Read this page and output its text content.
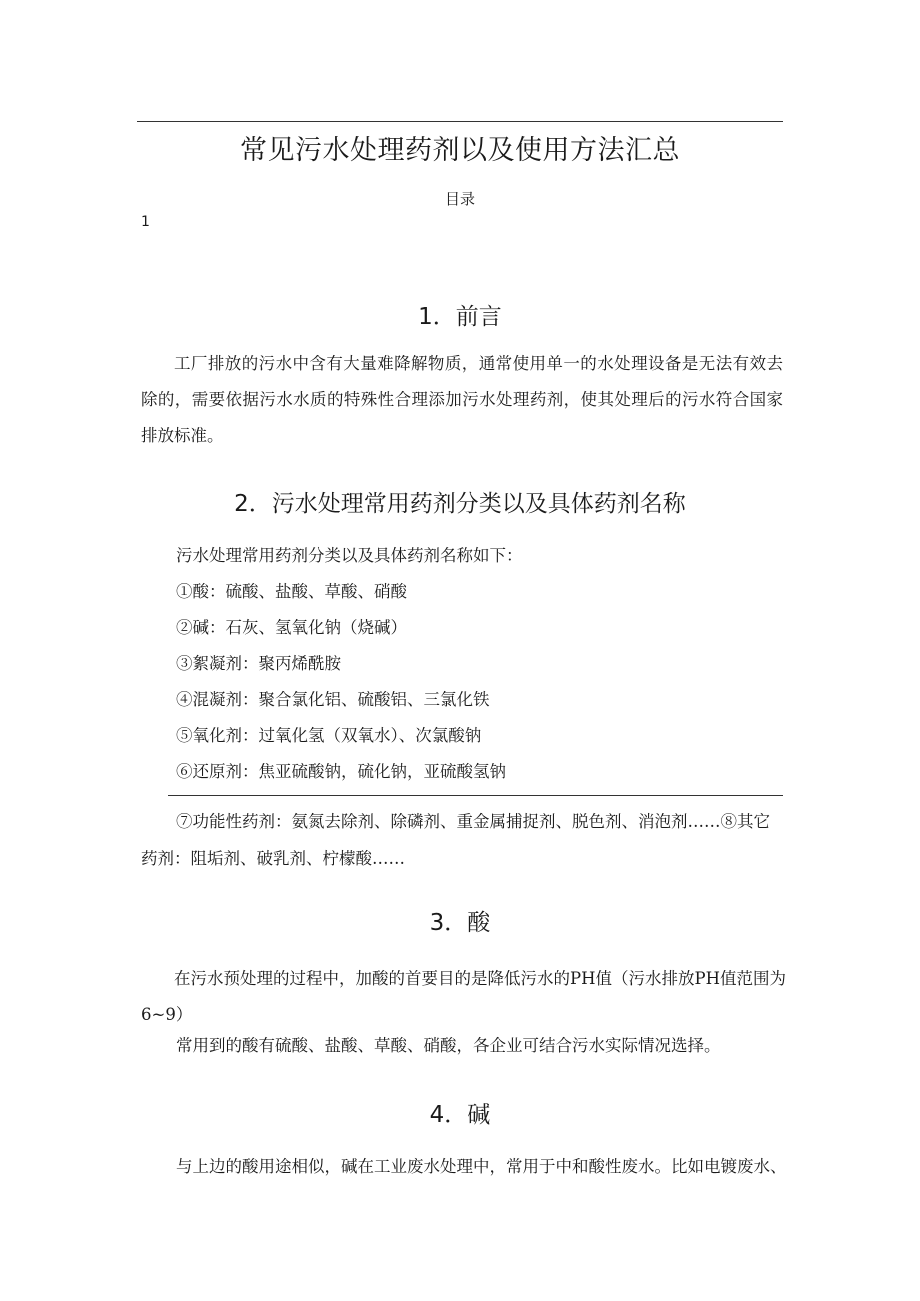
常见污水处理药剂以及使用方法汇总
目录
1
1．前言
工厂排放的污水中含有大量难降解物质，通常使用单一的水处理设备是无法有效去除的，需要依据污水水质的特殊性合理添加污水处理药剂，使其处理后的污水符合国家排放标准。
2．污水处理常用药剂分类以及具体药剂名称
污水处理常用药剂分类以及具体药剂名称如下：
①酸：硫酸、盐酸、草酸、硝酸
②碱：石灰、氢氧化钠（烧碱）
③絮凝剂：聚丙烯酰胺
④混凝剂：聚合氯化铝、硫酸铝、三氯化铁
⑤氧化剂：过氧化氢（双氧水）、次氯酸钠
⑥还原剂：焦亚硫酸钠，硫化钠，亚硫酸氢钠
⑦功能性药剂：氨氮去除剂、除磷剂、重金属捕捉剂、脱色剂、消泡剂……⑧其它
药剂：阻垢剂、破乳剂、柠檬酸……
3．酸
在污水预处理的过程中，加酸的首要目的是降低污水的PH值（污水排放PH值范围为6~9）
常用到的酸有硫酸、盐酸、草酸、硝酸，各企业可结合污水实际情况选择。
4．碱
与上边的酸用途相似，碱在工业废水处理中，常用于中和酸性废水。比如电镀废水、
